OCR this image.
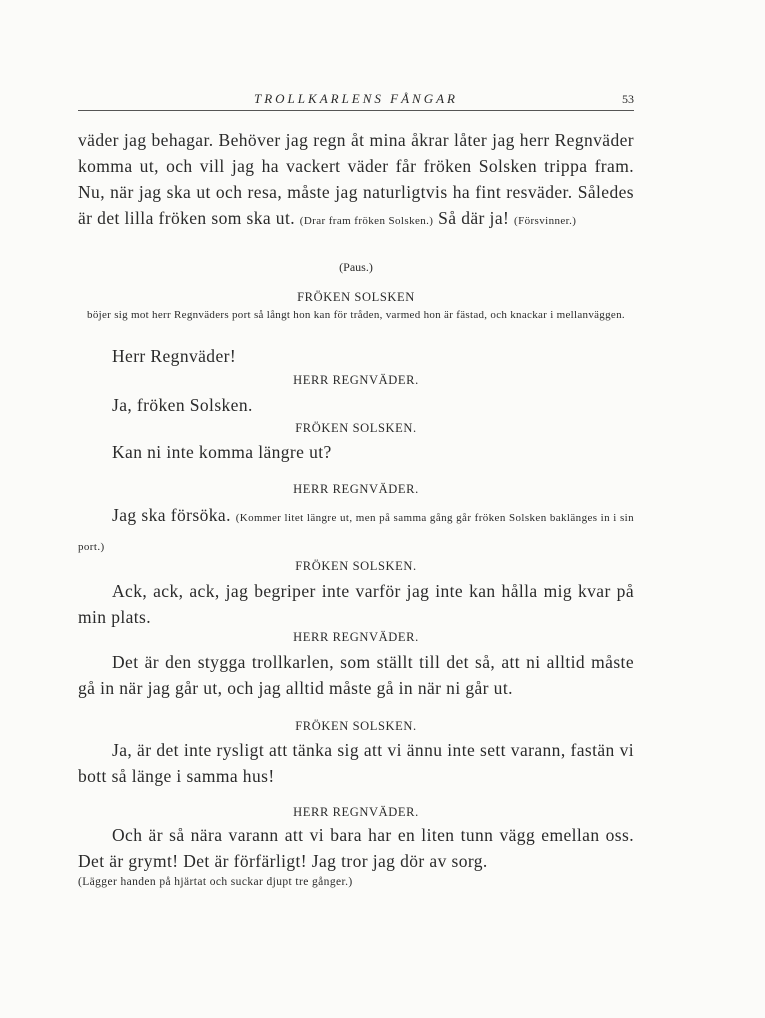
TROLLKARLENS FÅNGAR	53
väder jag behagar. Behöver jag regn åt mina åkrar låter jag herr Regnväder komma ut, och vill jag ha vackert väder får fröken Solsken trippa fram. Nu, när jag ska ut och resa, måste jag naturligtvis ha fint resväder. Således är det lilla fröken som ska ut. (Drar fram fröken Solsken.) Så där ja! (Försvinner.)
(Paus.)
FRÖKEN SOLSKEN
böjer sig mot herr Regnväders port så långt hon kan för tråden, varmed hon är fästad, och knackar i mellanväggen.
Herr Regnväder!
HERR REGNVÄDER.
Ja, fröken Solsken.
FRÖKEN SOLSKEN.
Kan ni inte komma längre ut?
HERR REGNVÄDER.
Jag ska försöka. (Kommer litet längre ut, men på samma gång går fröken Solsken baklänges in i sin port.)
FRÖKEN SOLSKEN.
Ack, ack, ack, jag begriper inte varför jag inte kan hålla mig kvar på min plats.
HERR REGNVÄDER.
Det är den stygga trollkarlen, som ställt till det så, att ni alltid måste gå in när jag går ut, och jag alltid måste gå in när ni går ut.
FRÖKEN SOLSKEN.
Ja, är det inte rysligt att tänka sig att vi ännu inte sett varann, fastän vi bott så länge i samma hus!
HERR REGNVÄDER.
Och är så nära varann att vi bara har en liten tunn vägg emellan oss. Det är grymt! Det är förfärligt! Jag tror jag dör av sorg.
(Lägger handen på hjärtat och suckar djupt tre gånger.)
